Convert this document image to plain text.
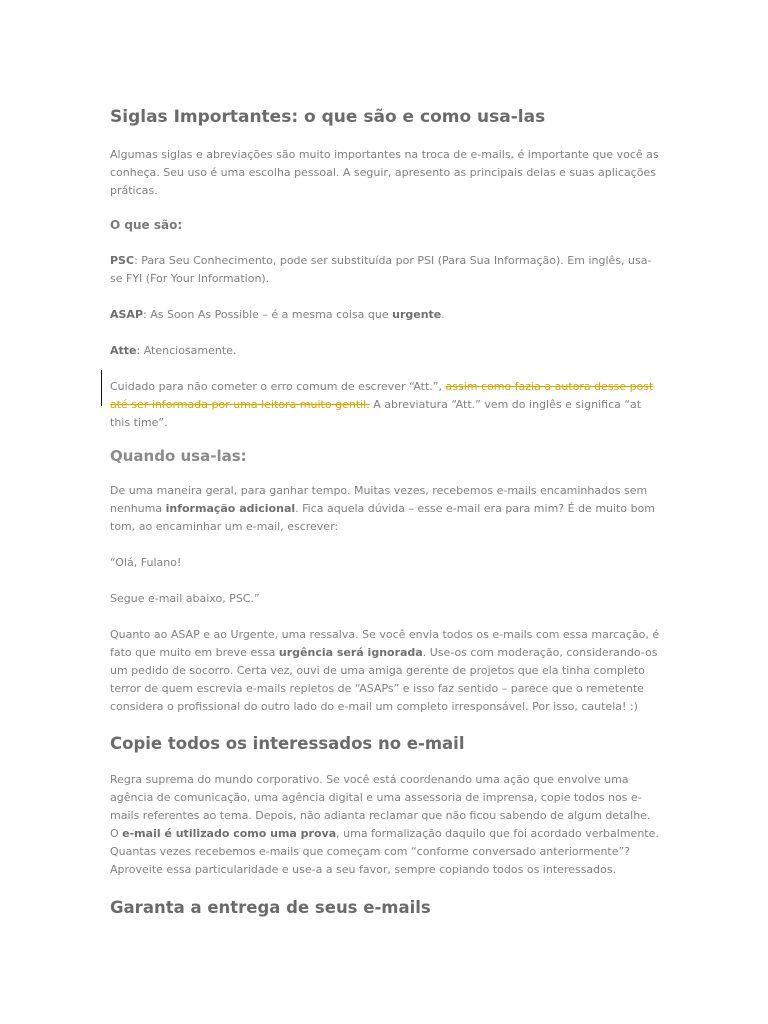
Siglas Importantes: o que são e como usa-las

Algumas siglas e abreviações são muito importantes na troca de e-mails, é importante que você as conheça. Seu uso é uma escolha pessoal. A seguir, apresento as principais delas e suas aplicações práticas.

O que são:

PSC: Para Seu Conhecimento, pode ser substituída por PSI (Para Sua Informação). Em inglês, usa-se FYI (For Your Information).

ASAP: As Soon As Possible – é a mesma coisa que urgente.

Atte: Atenciosamente.

Cuidado para não cometer o erro comum de escrever “Att.”, assim como fazia a autora desse post até ser informada por uma leitora muito gentil. A abreviatura “Att.” vem do inglês e significa “at this time”.

Quando usa-las:

De uma maneira geral, para ganhar tempo. Muitas vezes, recebemos e-mails encaminhados sem nenhuma informação adicional. Fica aquela dúvida – esse e-mail era para mim? É de muito bom tom, ao encaminhar um e-mail, escrever:

“Olá, Fulano!

Segue e-mail abaixo, PSC.”

Quanto ao ASAP e ao Urgente, uma ressalva. Se você envia todos os e-mails com essa marcação, é fato que muito em breve essa urgência será ignorada. Use-os com moderação, considerando-os um pedido de socorro. Certa vez, ouvi de uma amiga gerente de projetos que ela tinha completo terror de quem escrevia e-mails repletos de “ASAPs” e isso faz sentido – parece que o remetente considera o profissional do outro lado do e-mail um completo irresponsável. Por isso, cautela! :)

Copie todos os interessados no e-mail

Regra suprema do mundo corporativo. Se você está coordenando uma ação que envolve uma agência de comunicação, uma agência digital e uma assessoria de imprensa, copie todos nos e-mails referentes ao tema. Depois, não adianta reclamar que não ficou sabendo de algum detalhe. O e-mail é utilizado como uma prova, uma formalização daquilo que foi acordado verbalmente. Quantas vezes recebemos e-mails que começam com “conforme conversado anteriormente”? Aproveite essa particularidade e use-a a seu favor, sempre copiando todos os interessados.

Garanta a entrega de seus e-mails
